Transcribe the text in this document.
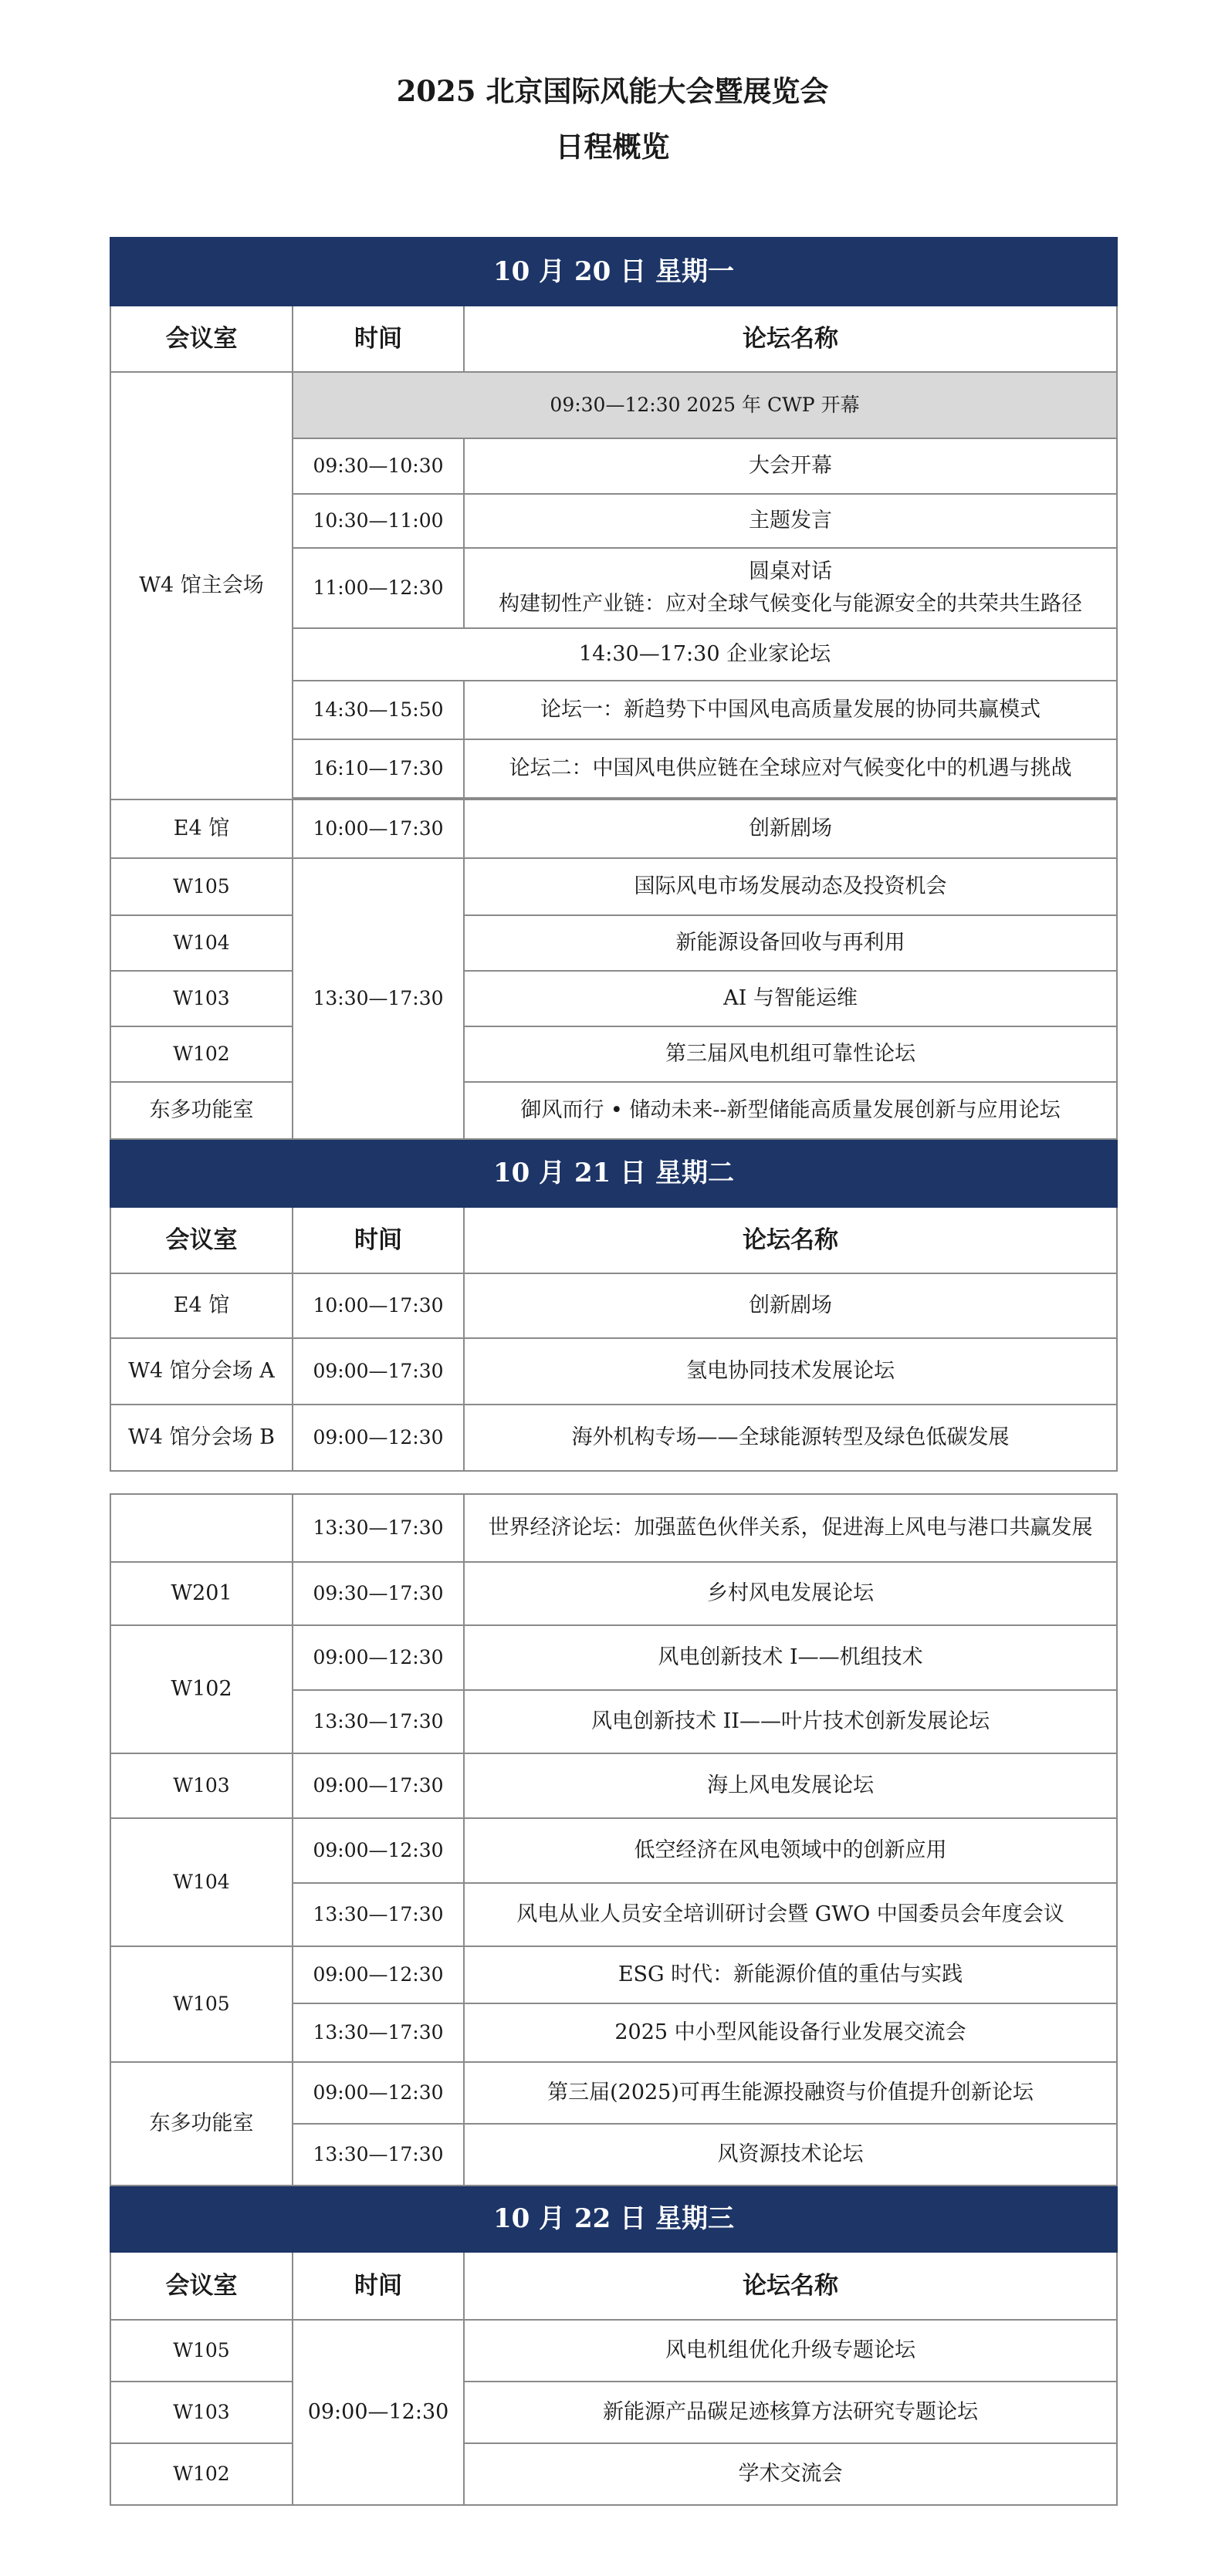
2025 北京国际风能大会暨展览会
日程概览
10 月 20 日 星期一		
会议室	时间	论坛名称
W4 馆主会场	09:30—12:30 2025 年 CWP 开幕	
	09:30—10:30	大会开幕
	10:30—11:00	主题发言
	11:00—12:30	圆桌对话
构建韧性产业链：应对全球气候变化与能源安全的共荣共生路径

	14:30—17:30 企业家论坛	
	14:30—15:50	论坛一：新趋势下中国风电高质量发展的协同共赢模式
	16:10—17:30	论坛二：中国风电供应链在全球应对气候变化中的机遇与挑战

E4 馆	10:00—17:30	创新剧场
W105	13:30—17:30	国际风电市场发展动态及投资机会
W104		新能源设备回收与再利用
W103		AI 与智能运维
W102		第三届风电机组可靠性论坛
东多功能室		御风而行 • 储动未来--新型储能高质量发展创新与应用论坛
10 月 21 日 星期二		
会议室	时间	论坛名称
E4 馆	10:00—17:30	创新剧场
W4 馆分会场 A	09:00—17:30	氢电协同技术发展论坛
W4 馆分会场 B	09:00—12:30	海外机构专场——全球能源转型及绿色低碳发展
	13:30—17:30	世界经济论坛：加强蓝色伙伴关系，促进海上风电与港口共赢发展
W201	09:30—17:30	乡村风电发展论坛
W102	09:00—12:30	风电创新技术 I——机组技术
	13:30—17:30	风电创新技术 II——叶片技术创新发展论坛
W103	09:00—17:30	海上风电发展论坛
W104	09:00—12:30	低空经济在风电领域中的创新应用
	13:30—17:30	风电从业人员安全培训研讨会暨 GWO 中国委员会年度会议
W105	09:00—12:30	ESG 时代：新能源价值的重估与实践
	13:30—17:30	2025 中小型风能设备行业发展交流会
东多功能室	09:00—12:30	第三届(2025)可再生能源投融资与价值提升创新论坛
	13:30—17:30	风资源技术论坛
10 月 22 日 星期三		
会议室	时间	论坛名称
W105	09:00—12:30	风电机组优化升级专题论坛
W103		新能源产品碳足迹核算方法研究专题论坛
W102		学术交流会
